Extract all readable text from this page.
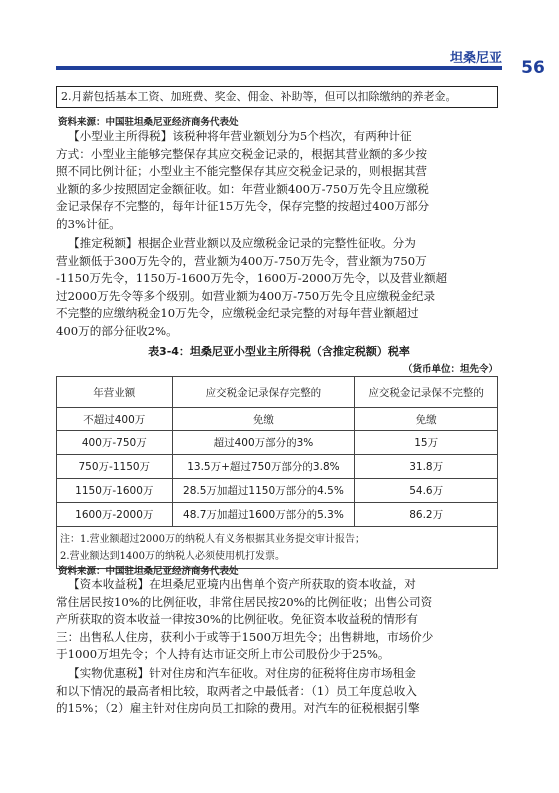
坦桑尼亚	56
2.月薪包括基本工资、加班费、奖金、佣金、补助等，但可以扣除缴纳的养老金。
资料来源：中国驻坦桑尼亚经济商务代表处
【小型业主所得税】该税种将年营业额划分为5个档次，有两种计征
方式：小型业主能够完整保存其应交税金记录的，根据其营业额的多少按
照不同比例计征；小型业主不能完整保存其应交税金记录的，则根据其营
业额的多少按照固定金额征收。如：年营业额400万-750万先令且应缴税
金记录保存不完整的，每年计征15万先令，保存完整的按超过400万部分
的3%计征。
【推定税额】根据企业营业额以及应缴税金记录的完整性征收。分为
营业额低于300万先令的，营业额为400万-750万先令，营业额为750万
-1150万先令，1150万-1600万先令，1600万-2000万先令，以及营业额超
过2000万先令等多个级别。如营业额为400万-750万先令且应缴税金纪录
不完整的应缴纳税金10万先令，应缴税金纪录完整的对每年营业额超过
400万的部分征收2%。
表3-4：坦桑尼亚小型业主所得税（含推定税额）税率
（货币单位：坦先令）
年营业额	应交税金记录保存完整的	应交税金记录保不完整的
不超过400万	免缴	免缴
400万-750万	超过400万部分的3%	15万
750万-1150万	13.5万+超过750万部分的3.8%	31.8万
1150万-1600万	28.5万加超过1150万部分的4.5%	54.6万
1600万-2000万	48.7万加超过1600万部分的5.3%	86.2万

注：1.营业额超过2000万的纳税人有义务根据其业务提交审计报告；
2.营业额达到1400万的纳税人必须使用机打发票。		
资料来源：中国驻坦桑尼亚经济商务代表处
【资本收益税】在坦桑尼亚境内出售单个资产所获取的资本收益，对
常住居民按10%的比例征收，非常住居民按20%的比例征收；出售公司资
产所获取的资本收益一律按30%的比例征收。免征资本收益税的情形有
三：出售私人住房，获利小于或等于1500万坦先令；出售耕地，市场价少
于1000万坦先令；个人持有达市证交所上市公司股份少于25%。
【实物优惠税】针对住房和汽车征收。对住房的征税将住房市场租金
和以下情况的最高者相比较，取两者之中最低者：（1）员工年度总收入
的15%；（2）雇主针对住房向员工扣除的费用。对汽车的征税根据引擎
